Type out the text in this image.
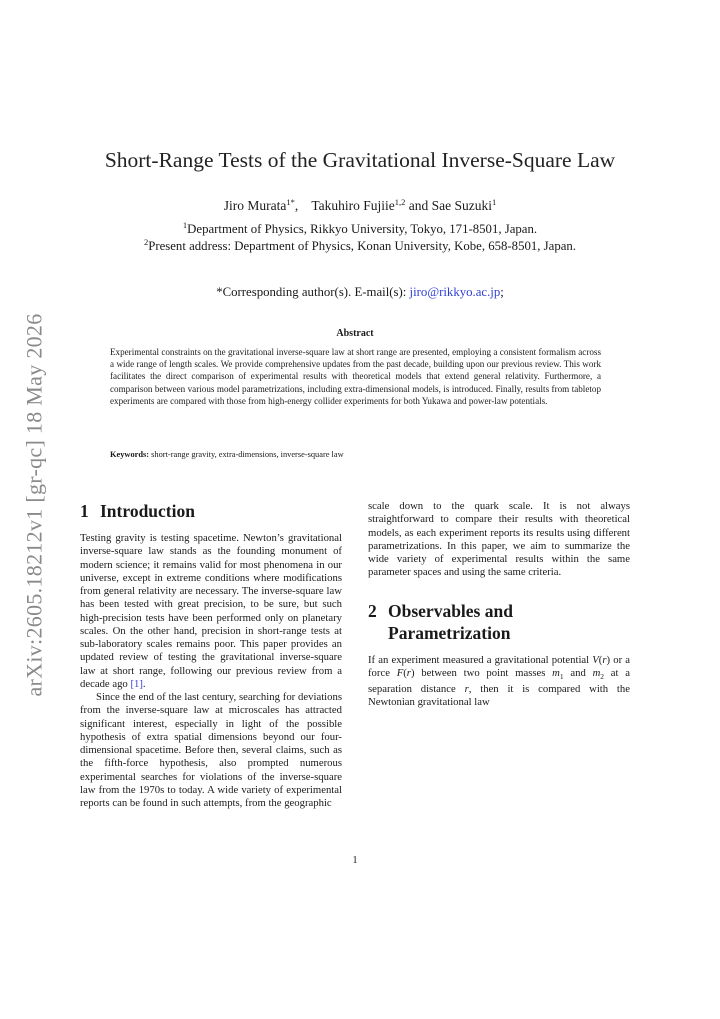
arXiv:2605.18212v1 [gr-qc] 18 May 2026
Short-Range Tests of the Gravitational Inverse-Square Law
Jiro Murata$^{1*}$, Takuhiro Fujiie$^{1,2}$ and Sae Suzuki$^1$
$^1$Department of Physics, Rikkyo University, Tokyo, 171-8501, Japan.
$^2$Present address: Department of Physics, Konan University, Kobe, 658-8501, Japan.
*Corresponding author(s). E-mail(s): jiro@rikkyo.ac.jp;
Abstract

Experimental constraints on the gravitational inverse-square law at short range are presented, employing a consistent formalism across a wide range of length scales. We provide comprehensive updates from the past decade, building upon our previous review. This work facilitates the direct comparison of experimental results with theoretical models that extend general relativity. Furthermore, a comparison between various model parametrizations, including extra-dimensional models, is introduced. Finally, results from tabletop experiments are compared with those from high-energy collider experiments for both Yukawa and power-law potentials.

Keywords: short-range gravity, extra-dimensions, inverse-square law
1 Introduction

Testing gravity is testing spacetime. Newton’s gravitational inverse-square law stands as the founding monument of modern science; it remains valid for most phenomena in our universe, except in extreme conditions where modifications from general relativity are necessary. The inverse-square law has been tested with great precision, to be sure, but such high-precision tests have been performed only on planetary scales. On the other hand, precision in short-range tests at sub-laboratory scales remains poor. This paper provides an updated review of testing the gravitational inverse-square law at short range, following our previous review from a decade ago [1].

Since the end of the last century, searching for deviations from the inverse-square law at microscales has attracted significant interest, especially in light of the possible hypothesis of extra spatial dimensions beyond our four-dimensional spacetime. Before then, several claims, such as the fifth-force hypothesis, also prompted numerous experimental searches for violations of the inverse-square law from the 1970s to today. A wide variety of experimental reports can be found in such attempts, from the geographic

scale down to the quark scale. It is not always straightforward to compare their results with theoretical models, as each experiment reports its results using different parametrizations. In this paper, we aim to summarize the wide variety of experimental results within the same parameter spaces and using the same criteria.

2 Observables and
Parametrization

If an experiment measured a gravitational potential V(r) or a force F(r) between two point masses $m_1$ and $m_2$ at a separation distance r, then it is compared with the Newtonian gravitational law

1
